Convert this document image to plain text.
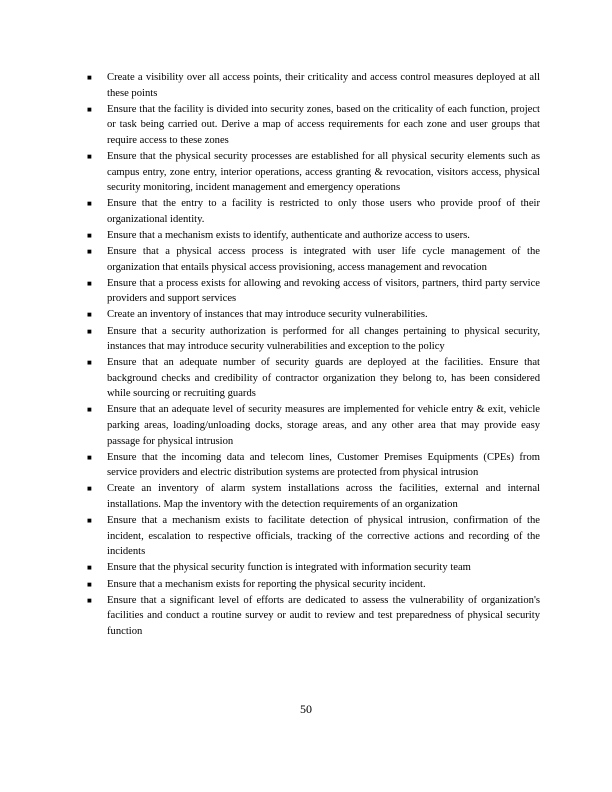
■	Create a visibility over all access points, their criticality and access control measures deployed at all these points
■	Ensure that the facility is divided into security zones, based on the criticality of each function, project or task being carried out. Derive a map of access requirements for each zone and user groups that require access to these zones
■	Ensure that the physical security processes are established for all physical security elements such as campus entry, zone entry, interior operations, access granting & revocation, visitors access, physical security monitoring, incident management and emergency operations
■	Ensure that the entry to a facility is restricted to only those users who provide proof of their organizational identity.
■	Ensure that a mechanism exists to identify, authenticate and authorize access to users.
■	Ensure that a physical access process is integrated with user life cycle management of the organization that entails physical access provisioning, access management and revocation
■	Ensure that a process exists for allowing and revoking access of visitors, partners, third party service providers and support services
■	Create an inventory of instances that may introduce security vulnerabilities.
■	Ensure that a security authorization is performed for all changes pertaining to physical security, instances that may introduce security vulnerabilities and exception to the policy
■	Ensure that an adequate number of security guards are deployed at the facilities. Ensure that background checks and credibility of contractor organization they belong to, has been considered while sourcing or recruiting guards
■	Ensure that an adequate level of security measures are implemented for vehicle entry & exit, vehicle parking areas, loading/unloading docks, storage areas, and any other area that may provide easy passage for physical intrusion
■	Ensure that the incoming data and telecom lines, Customer Premises Equipments (CPEs) from service providers and electric distribution systems are protected from physical intrusion
■	Create an inventory of alarm system installations across the facilities, external and internal installations. Map the inventory with the detection requirements of an organization
■	Ensure that a mechanism exists to facilitate detection of physical intrusion, confirmation of the incident, escalation to respective officials, tracking of the corrective actions and recording of the incidents
■	Ensure that the physical security function is integrated with information security team
■	Ensure that a mechanism exists for reporting the physical security incident.
■	Ensure that a significant level of efforts are dedicated to assess the vulnerability of organization's facilities and conduct a routine survey or audit to review and test preparedness of physical security function
50
